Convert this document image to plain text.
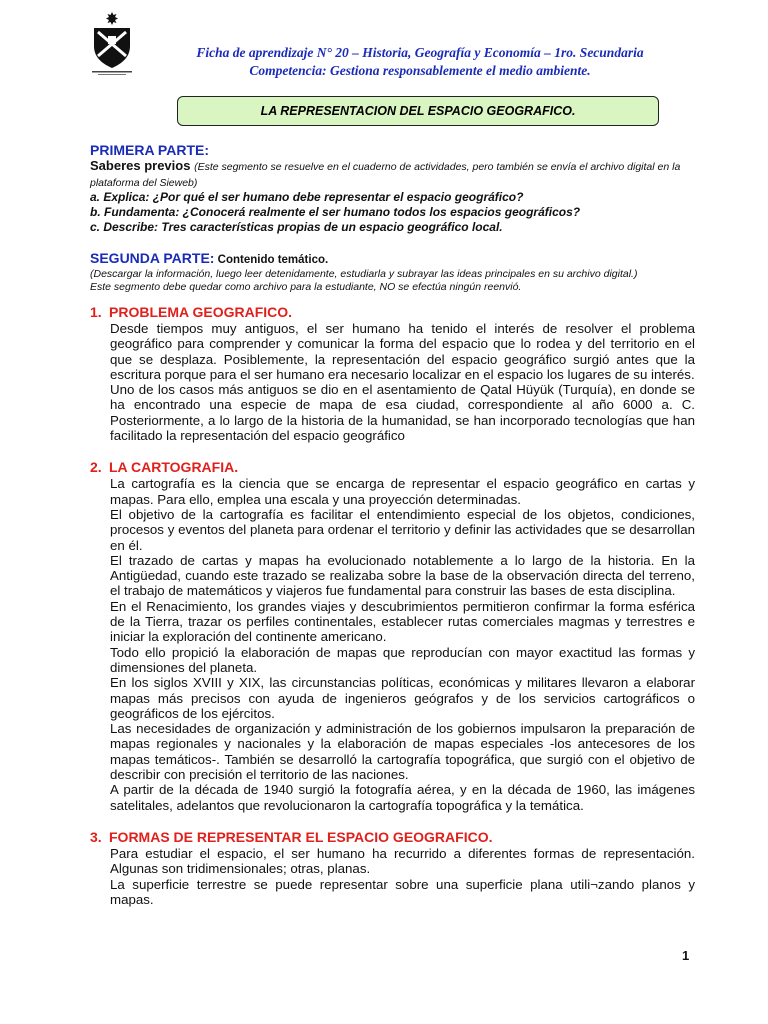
Ficha de aprendizaje N° 20 – Historia, Geografía y Economía – 1ro. Secundaria
Competencia: Gestiona responsablemente el medio ambiente.
LA REPRESENTACION DEL ESPACIO GEOGRAFICO.
PRIMERA PARTE:
Saberes previos (Este segmento se resuelve en el cuaderno de actividades, pero también se envía el archivo digital en la plataforma del Sieweb)
a. Explica: ¿Por qué el ser humano debe representar el espacio geográfico?
b. Fundamenta: ¿Conocerá realmente el ser humano todos los espacios geográficos?
c. Describe: Tres características propias de un espacio geográfico local.
SEGUNDA PARTE: Contenido temático.
(Descargar la información, luego leer detenidamente, estudiarla y subrayar las ideas principales en su archivo digital.)
Este segmento debe quedar como archivo para la estudiante, NO se efectúa ningún reenvió.
1. PROBLEMA GEOGRAFICO.

Desde tiempos muy antiguos, el ser humano ha tenido el interés de resolver el problema geográfico para comprender y comunicar la forma del espacio que lo rodea y del territorio en el que se desplaza. Posiblemente, la representación del espacio geográfico surgió antes que la escritura porque para el ser humano era necesario localizar en el espacio los lugares de su interés.

Uno de los casos más antiguos se dio en el asentamiento de Qatal Hüyük (Turquía), en donde se ha encontrado una especie de mapa de esa ciudad, correspondiente al año 6000 a. C. Posteriormente, a lo largo de la historia de la humanidad, se han incorporado tecnologías que han facilitado la representación del espacio geográfico

2. LA CARTOGRAFIA.

La cartografía es la ciencia que se encarga de representar el espacio geográfico en cartas y mapas. Para ello, emplea una escala y una proyección determinadas.

El objetivo de la cartografía es facilitar el entendimiento especial de los objetos, condiciones, procesos y eventos del planeta para ordenar el territorio y definir las actividades que se desarrollan en él.

El trazado de cartas y mapas ha evolucionado notablemente a lo largo de la historia. En la Antigüedad, cuando este trazado se realizaba sobre la base de la observación directa del terreno, el trabajo de matemáticos y viajeros fue fundamental para construir las bases de esta disciplina.

En el Renacimiento, los grandes viajes y descubrimientos permitieron confirmar la forma esférica de la Tierra, trazar os perfiles continentales, establecer rutas comerciales magmas y terrestres e iniciar la exploración del continente americano.

Todo ello propició la elaboración de mapas que reproducían con mayor exactitud las formas y dimensiones del planeta.

En los siglos XVIII y XIX, las circunstancias políticas, económicas y militares llevaron a elaborar mapas más precisos con ayuda de ingenieros geógrafos y de los servicios cartográficos o geográficos de los ejércitos.

Las necesidades de organización y administración de los gobiernos impulsaron la preparación de mapas regionales y nacionales y la elaboración de mapas especiales -los antecesores de los mapas temáticos-. También se desarrolló la cartografía topográfica, que surgió con el objetivo de describir con precisión el territorio de las naciones.

A partir de la década de 1940 surgió la fotografía aérea, y en la década de 1960, las imágenes satelitales, adelantos que revolucionaron la cartografía topográfica y la temática.

3. FORMAS DE REPRESENTAR EL ESPACIO GEOGRAFICO.

Para estudiar el espacio, el ser humano ha recurrido a diferentes formas de representación. Algunas son tridimensionales; otras, planas.

La superficie terrestre se puede representar sobre una superficie plana utili¬zando planos y mapas.

1
